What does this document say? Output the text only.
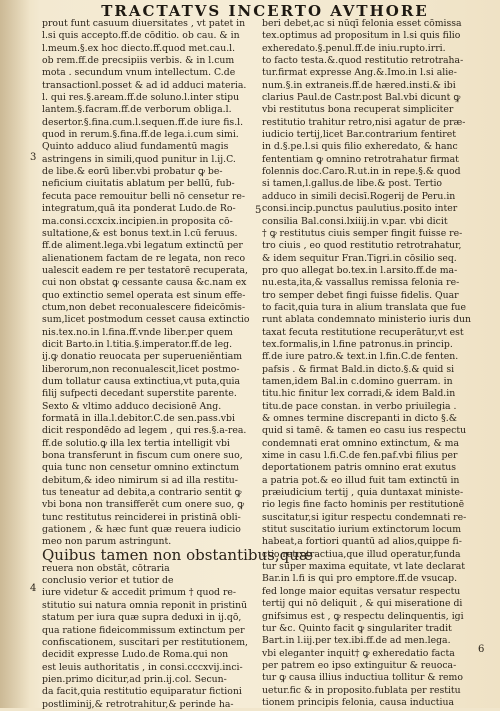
TRACTATVS INCERTO AVTHORE
prout funt casuum diuersitates , vt patet in
l.si quis accepto.ff.de cōditio. ob cau. & in
l.meum.§.ex hoc diecto.ff.quod met.cau.l.
ob rem.ff.de precsipiis verbis. & in l.cum
mota . secundum vnum intellectum. C.de
transactionl.posset & ad id adduci materia.
l. qui res.§.aream.ff.de soluno.l.inter stipu
lantem.§.facram.ff.de verborum obliga.l.
desertor.§.fina.cum.l.sequen.ff.de iure fis.l.
quod in rerum.§.fina.ff.de lega.i.cum simi.
Quinto adduco aliud fundamentū magis
astringens in simili,quod punitur in l.ij.C.
de libe.& eorū liber.vbi probatur ꝙ be-
neficium ciuitatis ablatum per bellū, fub-
fecuta pace remouitur belli nō censetur re-
integratum,quā ita ponderat Ludo.de Ro-
ma.consi.ccxcix.incipien.in proposita cō-
sultatione,& est bonus text.in l.cū feruus.
ff.de aliment.lega.vbi legatum extinctū per
alienationem factam de re legata, non reco
ualescit eadem re per testatorē recuperata,
cui non obstat ꝙ cessante causa &c.nam ex
quo extinctio semel operata est sinum effe-
ctum,non debet reconualescere fideicōmis-
sum,licet postmodum cesset causa extinctio
nis.tex.no.in l.fina.ff.vnde liber.per quem
dicit Barto.in l.titia.§.imperator.ff.de leg.
ij.ꝙ donatio reuocata per superueniĕntiam
liberorum,non reconualescit,licet postmo-
dum tollatur causa extinctiua,vt puta,quia
filij sufpecti decedant superstite parente.
Sexto & vltimo adduco decisionē Ang.
formatā in illa.l.debitor.C.de sen.pass.vbi
dicit respondēdo ad legem , qui res.§.a-rea.
ff.de solutio.ꝙ illa lex tertia intelligit vbi
bona transferunt in fiscum cum onere suo,
quia tunc non censetur omnino extinctum
debitum,& ideo nimirum si ad illa restitu-
tus teneatur ad debita,a contrario sentit ꝙ
vbi bona non transifferĕt cum onere suo, ꝙ
tunc restitutus reinciderei in pristinā obli-
gationem , & hæc funt quæ reuera iudicio
meo non parum astringunt.
Quibus tamen non obstantibus,quæ
reuera non obstāt, cōtraria
conclusio verior et tutior de
iure videtur & accedit primum † quod re-
stitutio sui natura omnia reponit in pristinū
statum per iura quæ supra deduxi in ij.qō,
qua ratione fideicommissum extinctum per
confiscationem, suscitari per restitutionem,
decidit expresse Ludo.de Roma.qui non
est leuis authoritatis , in consi.cccxvij.inci-
pien.primo dicitur,ad prin.ij.col. Secun-
da facit,quia restitutio equiparatur fictioni
postliminij,& retrotrahitur,& perinde ha-
beri debet,ac si nūqī felonia esset cōmissa
tex.optimus ad propositum in l.si quis filio
exheredato.§.penul.ff.de iniu.rupto.irri.
to facto testa.&.quod restitutio retrotraha-
tur.firmat expresse Ang.&.Imo.in l.si alie-
num.§.in extraneis.ff.de hæred.insti.& ibi
clarius Paul.de Castr.post Bal.vbi dicunt ꝙ
vbi restitutus bona recuperat simpliciter
restitutio trahitur retro,nisi agatur de præ-
iudicio tertij,licet Bar.contrarium fentiret
in d.§.pe.l.si quis filio exheredato, & hanc
fententiam ꝙ omnino retrotrahatur firmat
folennis doc.Caro.R.ut.in in repe.§.& quod
si tamen,l.gallus.de libe.& post. Tertio
adduco in simili decisī.Rogerij de Peru.in
consi.incip.punctus paulutius.posito inter
consilia Bal.consi.lxiiij.in v.par. vbi dicit
† ꝙ restitutus ciuis semper fingit fuisse re-
tro ciuis , eo quod restitutio retrotrahatur,
& idem sequitur Fran.Tigri.in cōsilio seq.
pro quo allegat bo.tex.in l.arsito.ff.de ma-
nu.esta,ita,& vassallus remissa felonia re-
tro semper debet fingi fuisse fidelis. Quar
to facit,quia tura in alium translata que fue
runt ablata condemnato ministerio iuris dun
taxat fecuta restitutione recuperātur,vt est
tex.formalis,in l.fine patronus.in princip.
ff.de iure patro.& text.in l.fin.C.de fenten.
pafsis . & firmat Bald.in dicto.§.& quid si
tamen,idem Bal.in c.domino guerram. in
titu.hic finitur lex corradi,& idem Bald.in
titu.de pace constan. in verbo priuilegia .
& omnes termine discrepanti in dicto §.&
quid si tamē. & tamen eo casu ius respectu
condemnati erat omnino extinctum, & ma
xime in casu l.fi.C.de fen.paf.vbi filius per
deportationem patris omnino erat exutus
a patria pot.& eo illud fuit tam extinctū in
præiudicium tertij , quia duntaxat ministe-
rio legis fine facto hominis per restitutionē
suscitatur,si igitur respectu condemnati re-
stitut suscitatio iurium extinctorum locum
habeat,a fortiori quantū ad alios,quippe fi-
ctio retrotractiua,que illud operatur,funda
tur super maxima equitate, vt late declarat
Bar.in l.fi is qui pro emptore.ff.de vsucap.
fed longe maior equitas versatur respectu
tertij qui nō deliquit , & qui miseratione di
gnifsimus est , ꝙ respectu delinquentis, igi
tur &c. Quinto facit ꝙ singulariter tradit
Bart.in l.iij.per tex.ibi.ff.de ad men.lega.
vbi eleganter inquit† ꝙ exheredatio facta
per patrem eo ipso extinguitur & reuoca-
tur ꝙ causa illius inductiua tollitur & remo
uetur.fic & in proposito.fublata per restitu
tionem principis felonia, causa inductiua
3
4
5
6
